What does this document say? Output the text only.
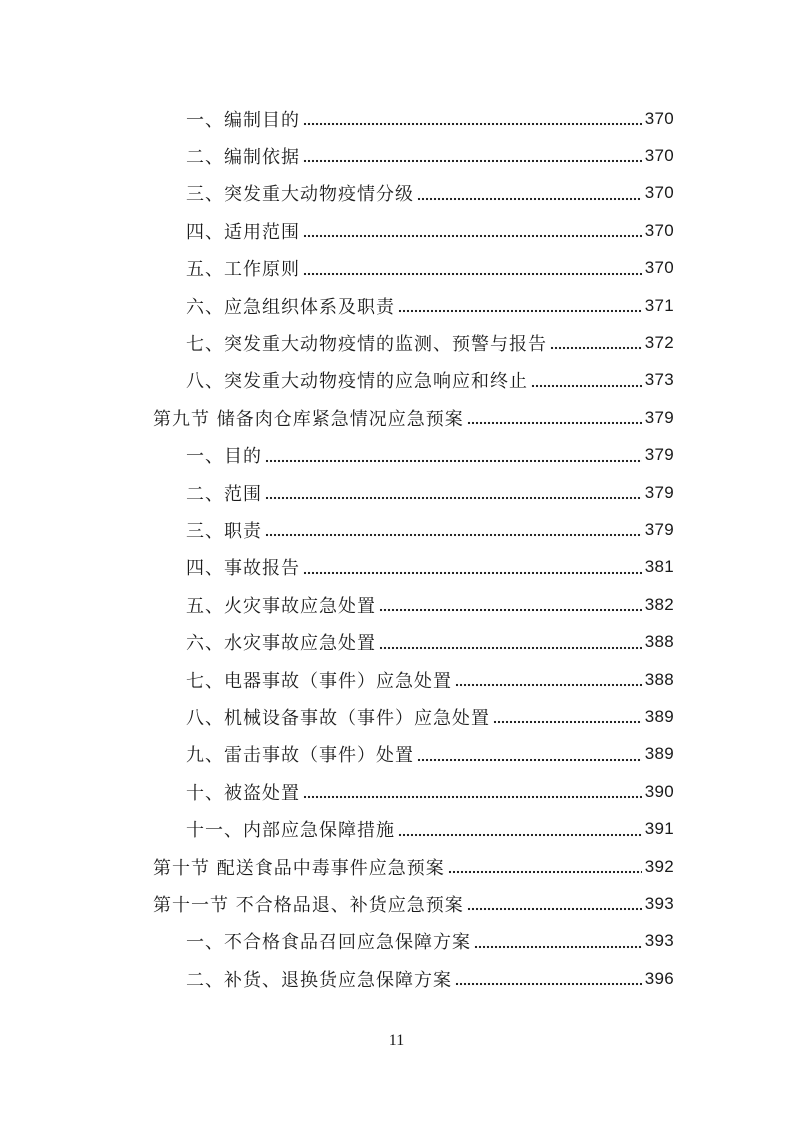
一、编制目的	370
二、编制依据	370
三、突发重大动物疫情分级	370
四、适用范围	370
五、工作原则	370
六、应急组织体系及职责	371
七、突发重大动物疫情的监测、预警与报告	372
八、突发重大动物疫情的应急响应和终止	373
第九节 储备肉仓库紧急情况应急预案	379
一、目的	379
二、范围	379
三、职责	379
四、事故报告	381
五、火灾事故应急处置	382
六、水灾事故应急处置	388
七、电器事故（事件）应急处置	388
八、机械设备事故（事件）应急处置	389
九、雷击事故（事件）处置	389
十、被盗处置	390
十一、内部应急保障措施	391
第十节 配送食品中毒事件应急预案	392
第十一节 不合格品退、补货应急预案	393
一、不合格食品召回应急保障方案	393
二、补货、退换货应急保障方案	396
11
